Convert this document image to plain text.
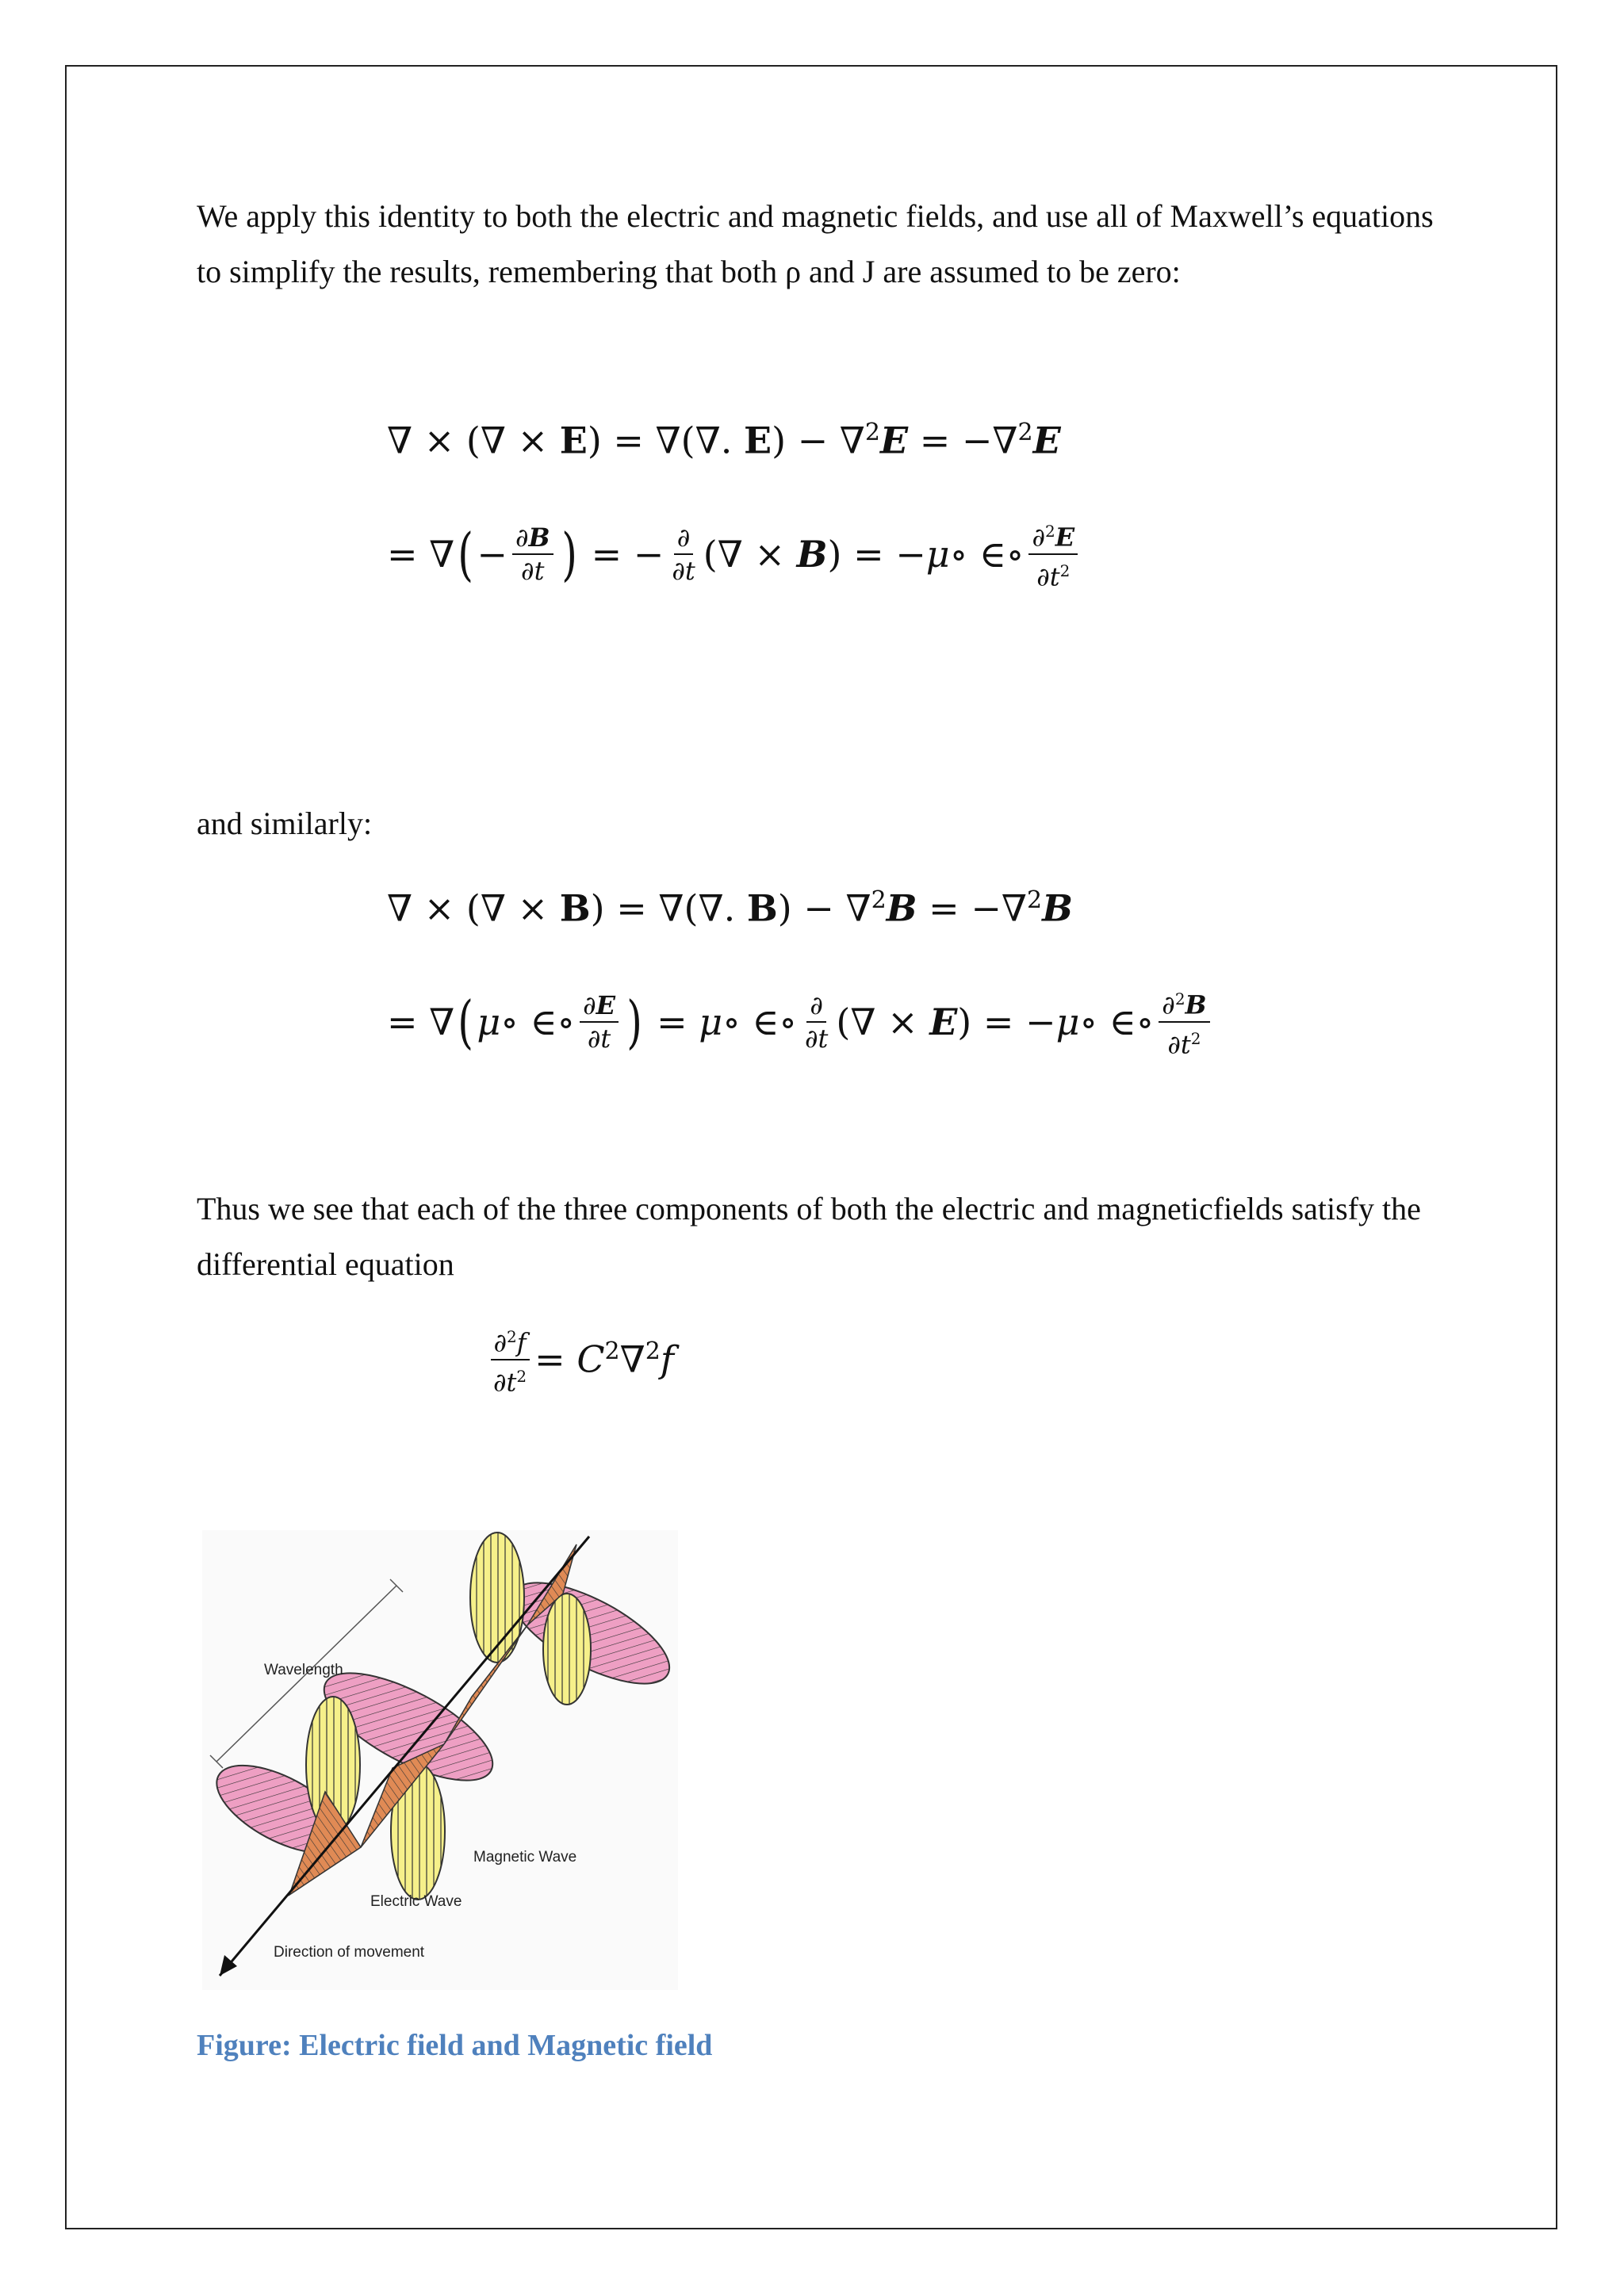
We apply this identity to both the electric and magnetic fields, and use all of Maxwell’s equations to simplify the results, remembering that both ρ and J are assumed to be zero:

∇ × (∇ × E) = ∇(∇. E) − ∇$^2$E = −∇$^2$E
= ∇ ( − $\frac{\partial B}{\partial t}$ ) = − $\frac{\partial}{\partial t}$ (∇ × B) = −μ∘ ∈∘ $\frac{\partial^2E}{\partial t^2}$

and similarly:

∇ × (∇ × B) = ∇(∇. B) − ∇$^2$B = −∇$^2$B
= ∇ ( μ∘ ∈∘ $\frac{\partial E}{\partial t}$ ) = μ∘ ∈∘ $\frac{\partial}{\partial t}$ (∇ × E) = −μ∘ ∈∘ $\frac{\partial^2B}{\partial t^2}$

Thus we see that each of the three components of both the electric and magneticfields satisfy the differential equation

$\frac{\partial^2f}{\partial t^2} = C^2\nabla^2f$
Wavelength
Magnetic Wave
Electric Wave
Direction of movement
Figure: Electric field and Magnetic field
